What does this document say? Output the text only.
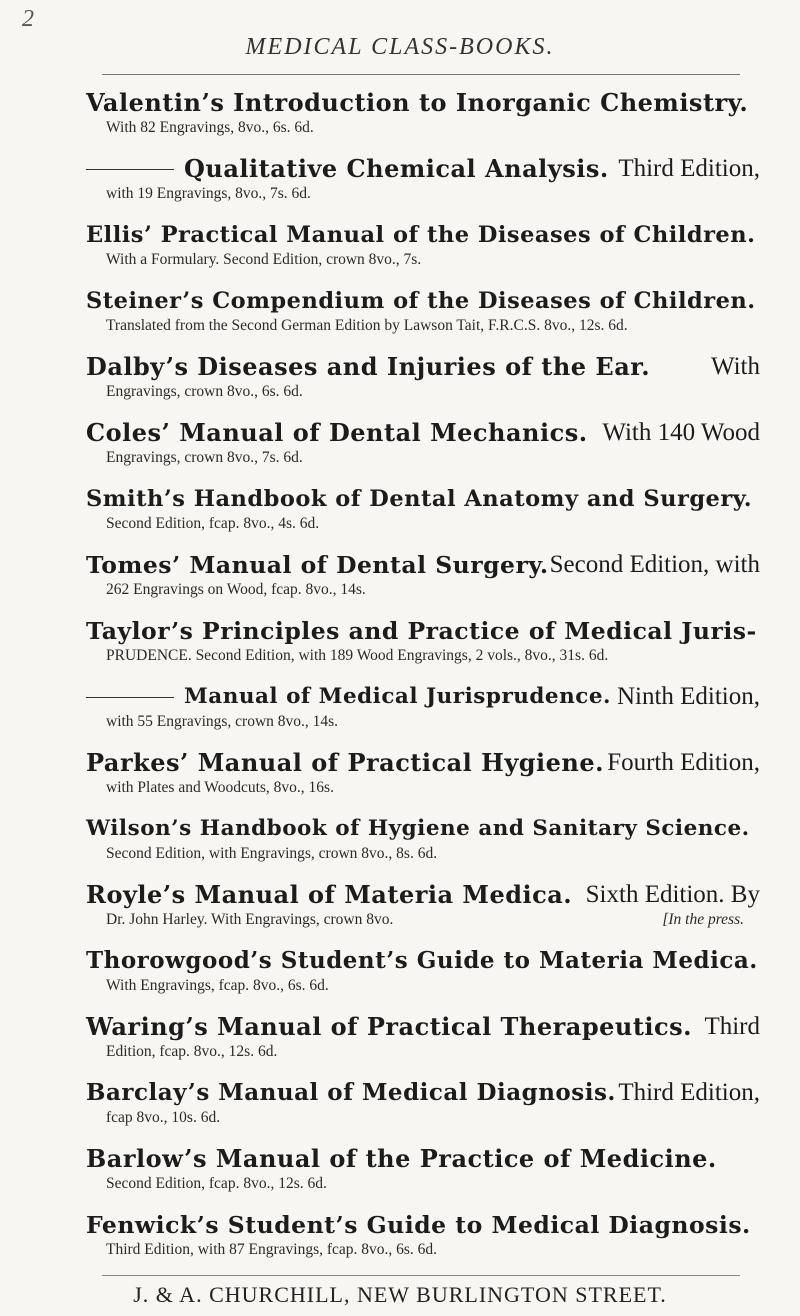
2
MEDICAL CLASS-BOOKS.
Valentin’s Introduction to Inorganic Chemistry.
With 82 Engravings, 8vo., 6s. 6d.
Qualitative Chemical Analysis. Third Edition,
with 19 Engravings, 8vo., 7s. 6d.
Ellis’ Practical Manual of the Diseases of Children.
With a Formulary. Second Edition, crown 8vo., 7s.
Steiner’s Compendium of the Diseases of Children.
Translated from the Second German Edition by Lawson Tait, F.R.C.S. 8vo., 12s. 6d.
Dalby’s Diseases and Injuries of the Ear. With
Engravings, crown 8vo., 6s. 6d.
Coles’ Manual of Dental Mechanics. With 140 Wood
Engravings, crown 8vo., 7s. 6d.
Smith’s Handbook of Dental Anatomy and Surgery.
Second Edition, fcap. 8vo., 4s. 6d.
Tomes’ Manual of Dental Surgery. Second Edition, with
262 Engravings on Wood, fcap. 8vo., 14s.
Taylor’s Principles and Practice of Medical Juris-
PRUDENCE. Second Edition, with 189 Wood Engravings, 2 vols., 8vo., 31s. 6d.
Manual of Medical Jurisprudence. Ninth Edition,
with 55 Engravings, crown 8vo., 14s.
Parkes’ Manual of Practical Hygiene. Fourth Edition,
with Plates and Woodcuts, 8vo., 16s.
Wilson’s Handbook of Hygiene and Sanitary Science.
Second Edition, with Engravings, crown 8vo., 8s. 6d.
Royle’s Manual of Materia Medica. Sixth Edition. By
Dr. John Harley. With Engravings, crown 8vo.	[In the press.
Thorowgood’s Student’s Guide to Materia Medica.
With Engravings, fcap. 8vo., 6s. 6d.
Waring’s Manual of Practical Therapeutics. Third
Edition, fcap. 8vo., 12s. 6d.
Barclay’s Manual of Medical Diagnosis. Third Edition,
fcap 8vo., 10s. 6d.
Barlow’s Manual of the Practice of Medicine.
Second Edition, fcap. 8vo., 12s. 6d.
Fenwick’s Student’s Guide to Medical Diagnosis.
Third Edition, with 87 Engravings, fcap. 8vo., 6s. 6d.
J. & A. CHURCHILL, NEW BURLINGTON STREET.
